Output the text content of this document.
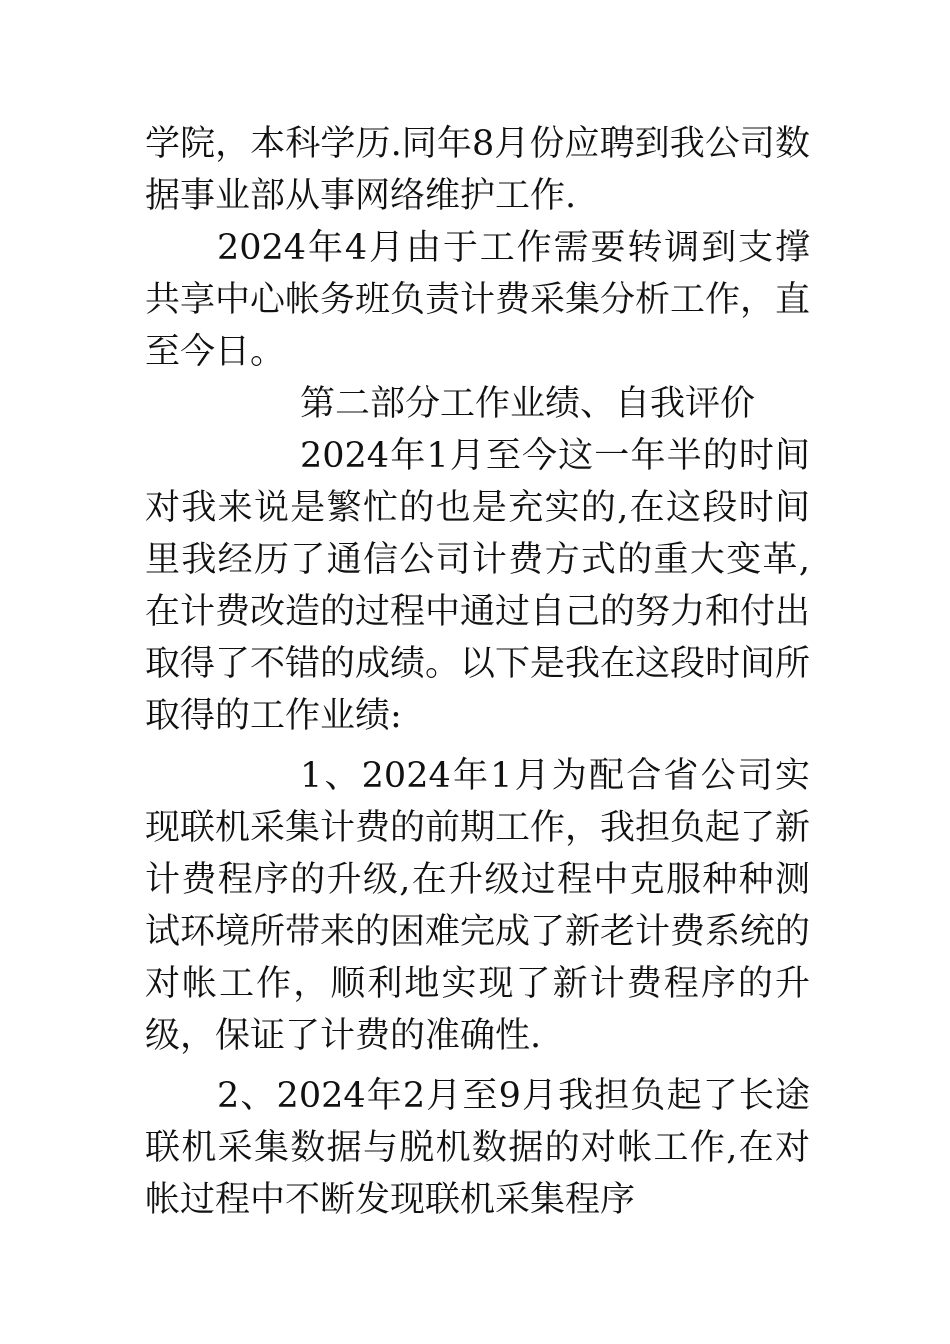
学院，本科学历.同年8月份应聘到我公司数据事业部从事网络维护工作.

2024年4月由于工作需要转调到支撑共享中心帐务班负责计费采集分析工作，直至今日。

第二部分工作业绩、自我评价

2024年1月至今这一年半的时间对我来说是繁忙的也是充实的,在这段时间里我经历了通信公司计费方式的重大变革,在计费改造的过程中通过自己的努力和付出取得了不错的成绩。以下是我在这段时间所取得的工作业绩:

1、2024年1月为配合省公司实现联机采集计费的前期工作，我担负起了新计费程序的升级,在升级过程中克服种种测试环境所带来的困难完成了新老计费系统的对帐工作，顺利地实现了新计费程序的升级，保证了计费的准确性.

2、2024年2月至9月我担负起了长途联机采集数据与脱机数据的对帐工作,在对帐过程中不断发现联机采集程序
